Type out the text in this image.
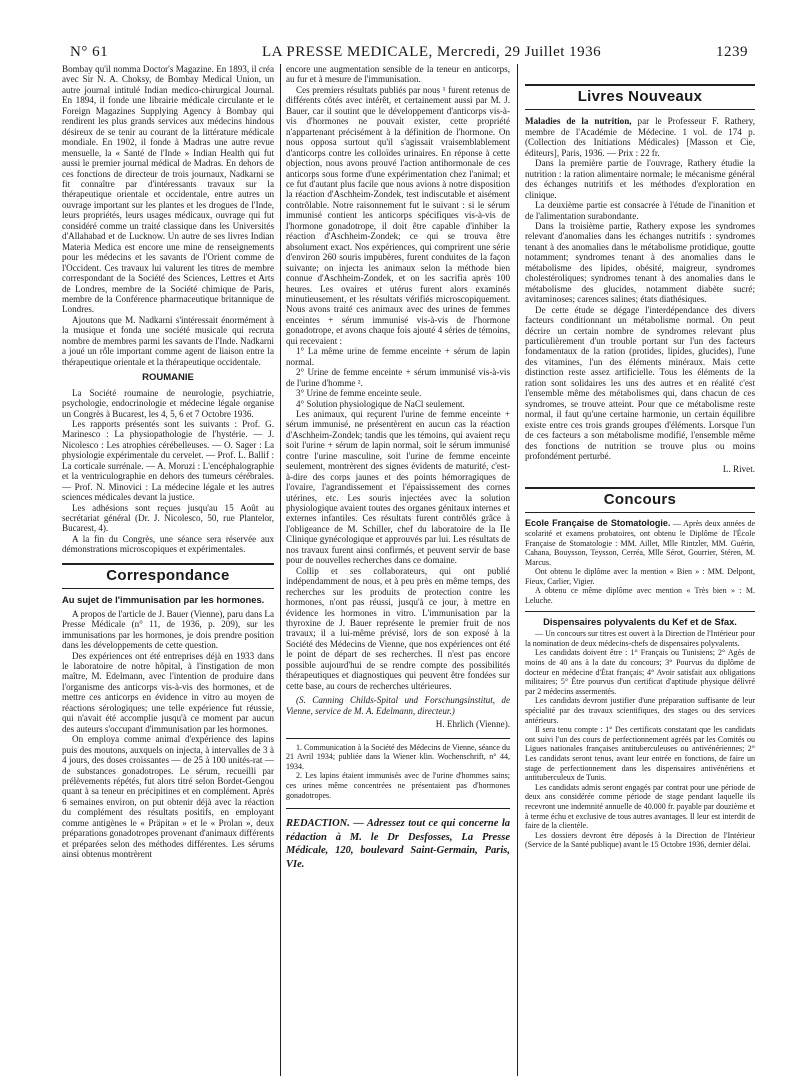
N° 61	LA PRESSE MEDICALE, Mercredi, 29 Juillet 1936	1239

Bombay qu'il nomma Doctor's Magazine. En 1893, il créa avec Sir N. A. Choksy, de Bombay Medical Union, un autre journal intitulé Indian medico-chirurgical Journal. En 1894, il fonde une librairie médicale circulante et le Foreign Magazines Supplying Agency à Bombay qui rendirent les plus grands services aux médecins hindous désireux de se tenir au courant de la littérature médicale mondiale. En 1902, il fonde à Madras une autre revue mensuelle, la « Santé de l'Inde » Indian Health qui fut aussi le premier journal médical de Madras. En dehors de ces fonctions de directeur de trois journaux, Nadkarni se fit connaître par d'intéressants travaux sur la thérapeutique orientale et occidentale, entre autres un ouvrage important sur les plantes et les drogues de l'Inde, leurs propriétés, leurs usages médicaux, ouvrage qui fut considéré comme un traité classique dans les Universités d'Allahabad et de Lucknow. Un autre de ses livres Indian Materia Medica est encore une mine de renseignements pour les médecins et les savants de l'Orient comme de l'Occident. Ces travaux lui valurent les titres de membre correspondant de la Société des Sciences, Lettres et Arts de Londres, membre de la Société chimique de Paris, membre de la Conférence pharmaceutique britannique de Londres.

Ajoutons que M. Nadkarni s'intéressait énormément à la musique et fonda une société musicale qui recruta nombre de membres parmi les savants de l'Inde. Nadkarni a joué un rôle important comme agent de liaison entre la thérapeutique orientale et la thérapeutique occidentale.

ROUMANIE

La Société roumaine de neurologie, psychiatrie, psychologie, endocrinologie et médecine légale organise un Congrès à Bucarest, les 4, 5, 6 et 7 Octobre 1936.

Les rapports présentés sont les suivants : Prof. G. Marinesco : La physiopathologie de l'hystérie. — J. Nicolesco : Les atrophies cérébelleuses. — O. Sager : La physiologie expérimentale du cervelet. — Prof. L. Ballif : La corticale surrénale. — A. Moruzi : L'encéphalographie et la ventriculographie en dehors des tumeurs cérébrales. — Prof. N. Minovici : La médecine légale et les autres sciences médicales devant la justice.

Les adhésions sont reçues jusqu'au 15 Août au secrétariat général (Dr. J. Nicolesco, 50, rue Plantelor, Bucarest, 4).

A la fin du Congrès, une séance sera réservée aux démonstrations microscopiques et expérimentales.

Correspondance
Au sujet de l'immunisation par les hormones.

A propos de l'article de J. Bauer (Vienne), paru dans La Presse Médicale (n° 11, de 1936, p. 209), sur les immunisations par les hormones, je dois prendre position dans les développements de cette question.

Des expériences ont été entreprises déjà en 1933 dans le laboratoire de notre hôpital, à l'instigation de mon maître, M. Edelmann, avec l'intention de produire dans l'organisme des anticorps vis-à-vis des hormones, et de mettre ces anticorps en évidence in vitro au moyen de réactions sérologiques; une telle expérience fut réussie, qui n'avait été accomplie jusqu'à ce moment par aucun des auteurs s'occupant d'immunisation par les hormones.

On employa comme animal d'expérience des lapins puis des moutons, auxquels on injecta, à intervalles de 3 à 4 jours, des doses croissantes — de 25 à 100 unités-rat — de substances gonadotropes. Le sérum, recueilli par prélèvements répétés, fut alors titré selon Bordet-Gengou quant à sa teneur en précipitines et en complément. Après 6 semaines environ, on put obtenir déjà avec la réaction du complément des résultats positifs, en employant comme antigènes le « Präpitan » et le « Prolan », deux préparations gonadotropes provenant d'animaux différents et préparées selon des méthodes différentes. Les sérums ainsi obtenus montrèrent

encore une augmentation sensible de la teneur en anticorps, au fur et à mesure de l'immunisation.

Ces premiers résultats publiés par nous ¹ furent retenus de différents côtés avec intérêt, et certainement aussi par M. J. Bauer, car il soutint que le développement d'anticorps vis-à-vis d'hormones ne pouvait exister, cette propriété n'appartenant précisément à la définition de l'hormone. On nous opposa surtout qu'il s'agissait vraisemblablement d'anticorps contre les colloïdes urinaires. En réponse à cette objection, nous avons prouvé l'action antihormonale de ces anticorps sous forme d'une expérimentation chez l'animal; et ce fut d'autant plus facile que nous avions à notre disposition la réaction d'Aschheim-Zondek, test indiscutable et aisément contrôlable. Notre raisonnement fut le suivant : si le sérum immunisé contient les anticorps spécifiques vis-à-vis de l'hormone gonadotrope, il doit être capable d'inhiber la réaction d'Aschheim-Zondek; ce qui se trouva être absolument exact. Nos expériences, qui comprirent une série d'environ 260 souris impubères, furent conduites de la façon suivante; on injecta les animaux selon la méthode bien connue d'Aschheim-Zondek, et on les sacrifia après 100 heures. Les ovaires et utérus furent alors examinés minutieusement, et les résultats vérifiés microscopiquement. Nous avons traité ces animaux avec des urines de femmes enceintes + sérum immunisé vis-à-vis de l'hormone gonadotrope, et avons chaque fois ajouté 4 séries de témoins, qui recevaient :

1° La même urine de femme enceinte + sérum de lapin normal.

2° Urine de femme enceinte + sérum immunisé vis-à-vis de l'urine d'homme ².

3° Urine de femme enceinte seule.

4° Solution physiologique de NaCl seulement.

Les animaux, qui reçurent l'urine de femme enceinte + sérum immunisé, ne présentèrent en aucun cas la réaction d'Aschheim-Zondek; tandis que les témoins, qui avaient reçu soit l'urine + sérum de lapin normal, soit le sérum immunisé contre l'urine masculine, soit l'urine de femme enceinte seulement, montrèrent des signes évidents de maturité, c'est-à-dire des corps jaunes et des points hémorragiques de l'ovaire, l'agrandissement et l'épaississement des cornes utérines, etc. Les souris injectées avec la solution physiologique avaient toutes des organes génitaux internes et externes infantiles. Ces résultats furent contrôlés grâce à l'obligeance de M. Schiller, chef du laboratoire de la IIe Clinique gynécologique et approuvés par lui. Les résultats de nos travaux furent ainsi confirmés, et peuvent servir de base pour de nouvelles recherches dans ce domaine.

Collip et ses collaborateurs, qui ont publié indépendamment de nous, et à peu près en même temps, des recherches sur les produits de protection contre les hormones, n'ont pas réussi, jusqu'à ce jour, à mettre en évidence les hormones in vitro. L'immunisation par la thyroxine de J. Bauer représente le premier fruit de nos travaux; il a lui-même prévisé, lors de son exposé à la Société des Médecins de Vienne, que nos expériences ont été le point de départ de ses recherches. Il n'est pas encore possible aujourd'hui de se rendre compte des possibilités thérapeutiques et diagnostiques qui peuvent être fondées sur cette base, au cours de recherches ultérieures.

(S. Canning Childs-Spital und Forschungsinstitut, de Vienne, service de M. A. Edelmann, directeur.)

H. Ehrlich (Vienne).

1. Communication à la Société des Médecins de Vienne, séance du 21 Avril 1934; publiée dans la Wiener klin. Wochenschrift, n° 44, 1934.

2. Les lapins étaient immunisés avec de l'urine d'hommes sains; ces urines même concentrées ne présentaient pas d'hormones gonadotropes.

REDACTION. — Adressez tout ce qui concerne la rédaction à M. le Dr Desfosses, La Presse Médicale, 120, boulevard Saint-Germain, Paris, VIe.
Livres Nouveaux

Maladies de la nutrition, par le Professeur F. Rathery, membre de l'Académie de Médecine. 1 vol. de 174 p. (Collection des Initiations Médicales) [Masson et Cie, éditeurs], Paris, 1936. — Prix : 22 fr.

Dans la première partie de l'ouvrage, Rathery étudie la nutrition : la ration alimentaire normale; le mécanisme général des échanges nutritifs et les méthodes d'exploration en clinique.

La deuxième partie est consacrée à l'étude de l'inanition et de l'alimentation surabondante.

Dans la troisième partie, Rathery expose les syndromes relevant d'anomalies dans les échanges nutritifs : syndromes tenant à des anomalies dans le métabolisme protidique, goutte notamment; syndromes tenant à des anomalies dans le métabolisme des lipides, obésité, maigreur, syndromes cholestéroliques; syndromes tenant à des anomalies dans le métabolisme des glucides, notamment diabète sucré; avitaminoses; carences salines; états diathésiques.

De cette étude se dégage l'interdépendance des divers facteurs conditionnant un métabolisme normal. On peut décrire un certain nombre de syndromes relevant plus particulièrement d'un trouble portant sur l'un des facteurs fondamentaux de la ration (protides, lipides, glucides), l'une des vitamines, l'un des éléments minéraux. Mais cette distinction reste assez artificielle. Tous les éléments de la ration sont solidaires les uns des autres et en réalité c'est l'ensemble même des métabolismes qui, dans chacun de ces syndromes, se trouve atteint. Pour que ce métabolisme reste normal, il faut qu'une certaine harmonie, un certain équilibre existe entre ces trois grands groupes d'éléments. Lorsque l'un de ces facteurs a son métabolisme modifié, l'ensemble même des fonctions de nutrition se trouve plus ou moins profondément perturbé.

L. Rivet.
Concours

Ecole Française de Stomatologie. — Après deux années de scolarité et examens probatoires, ont obtenu le Diplôme de l'École Française de Stomatologie : MM. Aillet, Mlle Rintzler, MM. Guérin, Cahana, Bouysson, Teysson, Cerréa, Mlle Sérot, Gourrier, Stéren, M. Marcus.

Ont obtenu le diplôme avec la mention « Bien » : MM. Delpont, Fieux, Carlier, Vigier.

A obtenu ce même diplôme avec mention « Très bien » : M. Leluche.

Dispensaires polyvalents du Kef et de Sfax.

— Un concours sur titres est ouvert à la Direction de l'Intérieur pour la nomination de deux médecins-chefs de dispensaires polyvalents.

Les candidats doivent être : 1° Français ou Tunisiens; 2° Agés de moins de 40 ans à la date du concours; 3° Pourvus du diplôme de docteur en médecine d'État français; 4° Avoir satisfait aux obligations militaires; 5° Être pourvus d'un certificat d'aptitude physique délivré par 2 médecins assermentés.

Les candidats devront justifier d'une préparation suffisante de leur spécialité par des travaux scientifiques, des stages ou des services antérieurs.

Il sera tenu compte : 1° Des certificats constatant que les candidats ont suivi l'un des cours de perfectionnement agréés par les Comités ou Ligues nationales françaises antituberculeuses ou antivénériennes; 2° Les candidats seront tenus, avant leur entrée en fonctions, de faire un stage de perfectionnement dans les dispensaires antivénériens et antituberculeux de Tunis.

Les candidats admis seront engagés par contrat pour une période de deux ans considérée comme période de stage pendant laquelle ils recevront une indemnité annuelle de 40.000 fr. payable par douzième et à terme échu et exclusive de tous autres avantages. Il leur est interdit de faire de la clientèle.

Les dossiers devront être déposés à la Direction de l'Intérieur (Service de la Santé publique) avant le 15 Octobre 1936, dernier délai.
